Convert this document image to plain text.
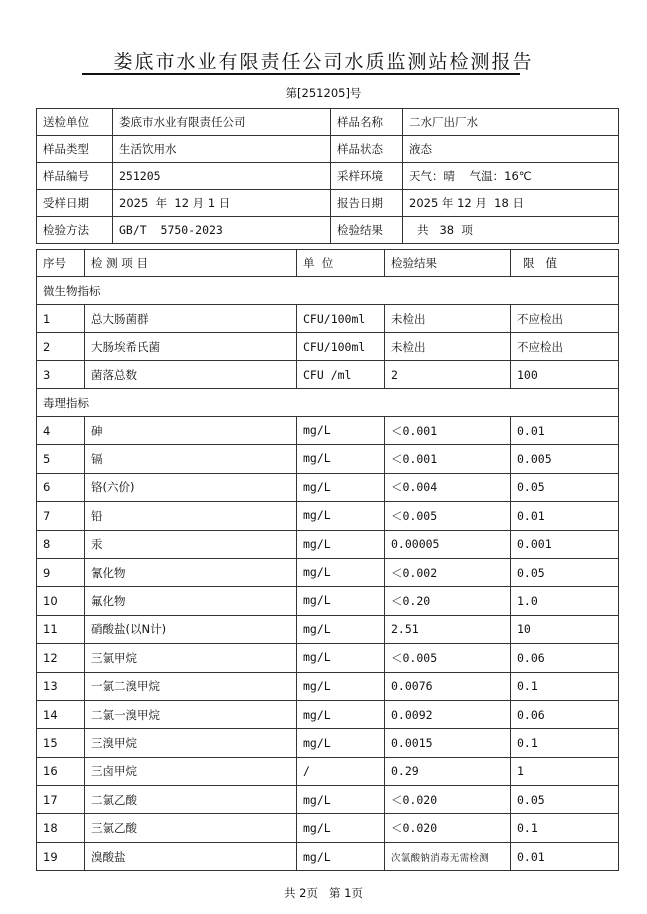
娄底市水业有限责任公司水质监测站检测报告
第[251205]号
送检单位	娄底市水业有限责任公司	样品名称	二水厂出厂水
样品类型	生活饮用水	样品状态	液态
样品编号	251205	采样环境	天气：晴    气温：16℃
受样日期	2025  年  12 月 1 日	报告日期	2025 年 12 月  18 日
检验方法	GB/T  5750-2023	检验结果	共   38  项
序号	检 测 项 目	单  位	检验结果	限   值
微生物指标				
1	总大肠菌群	CFU/100ml	未检出	不应检出
2	大肠埃希氏菌	CFU/100ml	未检出	不应检出
3	菌落总数	CFU /ml	2	100
毒理指标				
4	砷	mg/L	＜0.001	0.01
5	镉	mg/L	＜0.001	0.005
6	铬(六价)	mg/L	＜0.004	0.05
7	铅	mg/L	＜0.005	0.01
8	汞	mg/L	0.00005	0.001
9	氰化物	mg/L	＜0.002	0.05
10	氟化物	mg/L	＜0.20	1.0
11	硝酸盐(以N计)	mg/L	2.51	10
12	三氯甲烷	mg/L	＜0.005	0.06
13	一氯二溴甲烷	mg/L	0.0076	0.1
14	二氯一溴甲烷	mg/L	0.0092	0.06
15	三溴甲烷	mg/L	0.0015	0.1
16	三卤甲烷	/	0.29	1
17	二氯乙酸	mg/L	＜0.020	0.05
18	三氯乙酸	mg/L	＜0.020	0.1
19	溴酸盐	mg/L	次氯酸钠消毒无需检测	0.01
共 2页   第 1页
